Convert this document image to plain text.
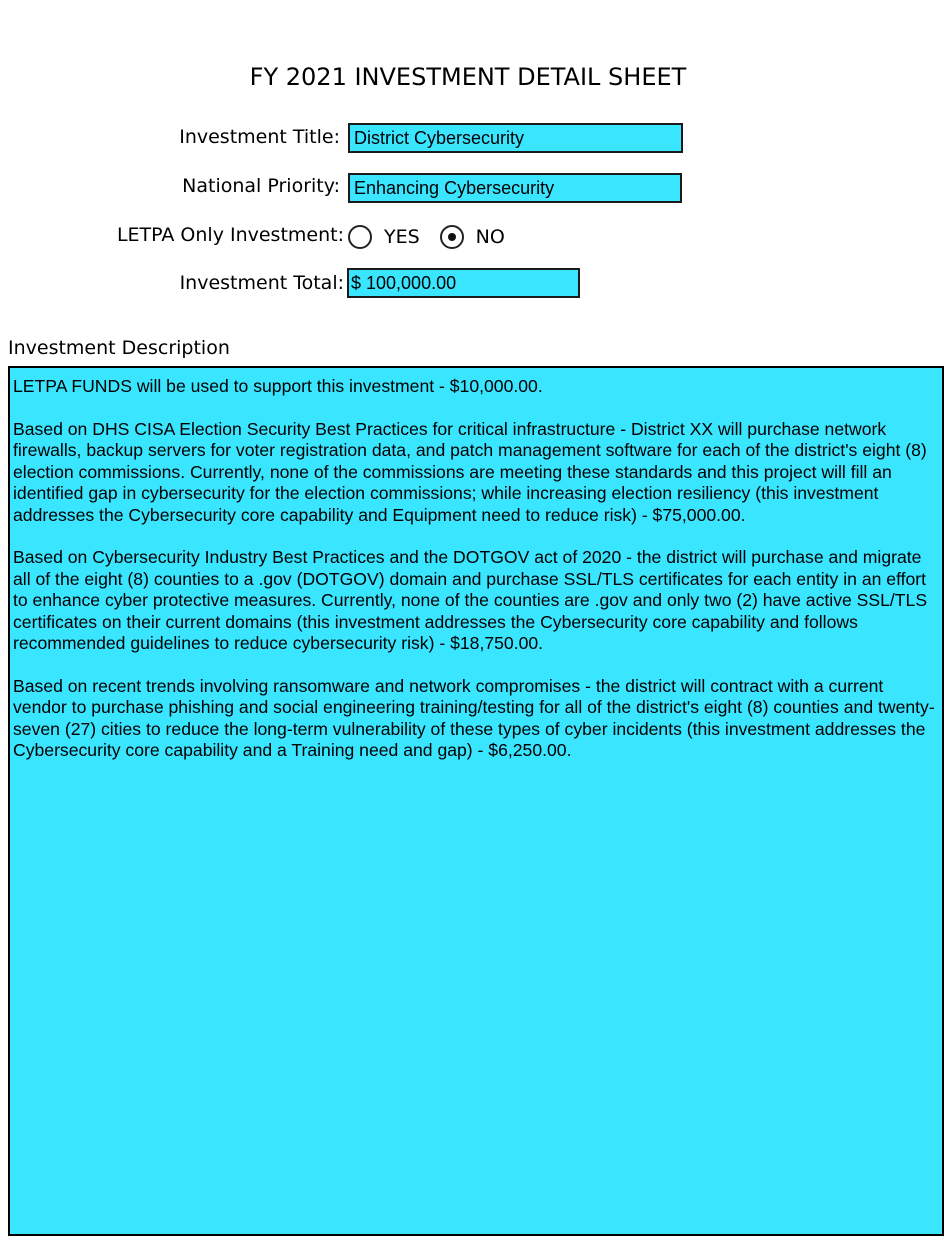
FY 2021 INVESTMENT DETAIL SHEET
Investment Title: District Cybersecurity
National Priority: Enhancing Cybersecurity
LETPA Only Investment: YES	NO
Investment Total: $ 100,000.00
Investment Description

LETPA FUNDS will be used to support this investment - $10,000.00.

Based on DHS CISA Election Security Best Practices for critical infrastructure - District XX will purchase network firewalls, backup servers for voter registration data, and patch management software for each of the district's eight (8) election commissions. Currently, none of the commissions are meeting these standards and this project will fill an identified gap in cybersecurity for the election commissions; while increasing election resiliency (this investment addresses the Cybersecurity core capability and Equipment need to reduce risk) - $75,000.00.

Based on Cybersecurity Industry Best Practices and the DOTGOV act of 2020 - the district will purchase and migrate all of the eight (8) counties to a .gov (DOTGOV) domain and purchase SSL/TLS certificates for each entity in an effort to enhance cyber protective measures. Currently, none of the counties are .gov and only two (2) have active SSL/TLS certificates on their current domains (this investment addresses the Cybersecurity core capability and follows recommended guidelines to reduce cybersecurity risk) - $18,750.00.

Based on recent trends involving ransomware and network compromises - the district will contract with a current vendor to purchase phishing and social engineering training/testing for all of the district's eight (8) counties and twenty-seven (27) cities to reduce the long-term vulnerability of these types of cyber incidents (this investment addresses the Cybersecurity core capability and a Training need and gap) - $6,250.00.
